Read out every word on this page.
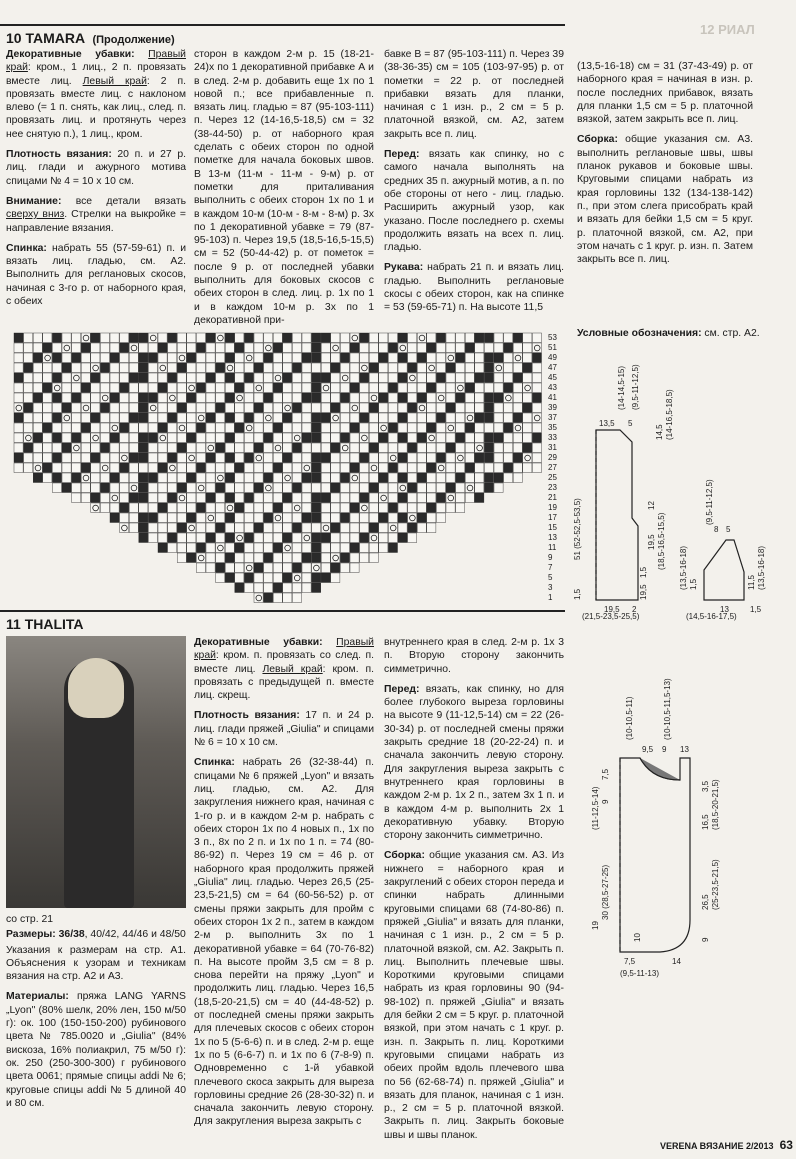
12 РИАЛ
10 TAMARA (Продолжение)

Декоративные убавки: Правый край: кром., 1 лиц., 2 п. провязать вместе лиц. Левый край: 2 п. провязать вместе лиц. с наклоном влево (= 1 п. снять, как лиц., след. п. провязать лиц. и протянуть через нее снятую п.), 1 лиц., кром.

Плотность вязания: 20 п. и 27 р. лиц. глади и ажурного мотива спицами № 4 = 10 х 10 см.

Внимание: все детали вязать сверху вниз. Стрелки на выкройке = направление вязания.

Спинка: набрать 55 (57-59-61) п. и вязать лиц. гладью, см. А2. Выполнить для реглановых скосов, начиная с 3-го р. от наборного края, с обеих

сторон в каждом 2-м р. 15 (18-21-24)х по 1 декоративной прибавке А и в след. 2-м р. добавить еще 1х по 1 новой п.; все прибавленные п. вязать лиц. гладью = 87 (95-103-111) п. Через 12 (14-16,5-18,5) см = 32 (38-44-50) р. от наборного края сделать с обеих сторон по одной пометке для начала боковых швов. В 13-м (11-м - 11-м - 9-м) р. от пометки для приталивания выполнить с обеих сторон 1х по 1 и в каждом 10-м (10-м - 8-м - 8-м) р. 3х по 1 декоративной убавке = 79 (87-95-103) п. Через 19,5 (18,5-16,5-15,5) см = 52 (50-44-42) р. от пометок = после 9 р. от последней убавки выполнить для боковых скосов с обеих сторон в след. лиц. р. 1х по 1 и в каждом 10-м р. 3х по 1 декоративной при-

бавке В = 87 (95-103-111) п. Через 39 (38-36-35) см = 105 (103-97-95) р. от пометки = 22 р. от последней прибавки вязать для планки, начиная с 1 изн. р., 2 см = 5 р. платочной вязкой, см. А2, затем закрыть все п. лиц.

Перед: вязать как спинку, но с самого начала выполнять на средних 35 п. ажурный мотив, а п. по обе стороны от него - лиц. гладью. Расширить ажурный узор, как указано. После последнего р. схемы продолжить вязать на всех п. лиц. гладью.

Рукава: набрать 21 п. и вязать лиц. гладью. Выполнить реглановые скосы с обеих сторон, как на спинке = 53 (59-65-71) п. На высоте 11,5

(13,5-16-18) см = 31 (37-43-49) р. от наборного края = начиная в изн. р. после последних прибавок, вязать для планки 1,5 см = 5 р. платочной вязкой, затем закрыть все п. лиц.

Сборка: общие указания см. А3. выполнить реглановые швы, швы планок рукавов и боковые швы. Круговыми спицами набрать из края горловины 132 (134-138-142) п., при этом слега присобрать край и вязать для бейки 1,5 см = 5 круг. р. платочной вязкой, см. А2, при этом начать с 1 круг. р. изн. п. Затем закрыть все п. лиц.

Условные обозначения: см. стр. А2.
53
51
49
47
45
43
41
39
37
35
33
31
29
27
25
23
21
19
17
15
13
11
9
7
5
3
1
13,5 5
(14-14,5-15) (9,5-11-12,5)
14,5 (14-16,5-18,5)
51 (52-52,5-53,5)	12
19,5 (18,5-16,5-15,5)
1,5
19,5 2
19,5
1,5
5
8
(9,5-11-12,5)
(13,5-16-18) 1,5	11,5 (13,5-16-18)
13	1,5
(21,5-23,5-25,5)	(14,5-16-17,5)
11 THALITA

со стр. 21

Размеры: 36/38, 40/42, 44/46 и 48/50

Указания к размерам на стр. А1. Объяснения к узорам и техникам вязания на стр. А2 и А3.

Материалы: пряжа LANG YARNS „Lyon" (80% шелк, 20% лен, 150 м/50 г): ок. 100 (150-150-200) рубинового цвета № 785.0020 и „Giulia" (84% вискоза, 16% полиакрил, 75 м/50 г): ок. 250 (250-300-300) г рубинового цвета 0061; прямые спицы addi № 6; круговые спицы addi № 5 длиной 40 и 80 см.

Декоративные убавки: Правый край: кром. п. провязать со след. п. вместе лиц. Левый край: кром. п. провязать с предыдущей п. вместе лиц. скрещ.

Плотность вязания: 17 п. и 24 р. лиц. глади пряжей „Giulia" и спицами № 6 = 10 х 10 см.

Спинка: набрать 26 (32-38-44) п. спицами № 6 пряжей „Lyon" и вязать лиц. гладью, см. А2. Для закругления нижнего края, начиная с 1-го р. и в каждом 2-м р. набрать с обеих сторон 1х по 4 новых п., 1х по 3 п., 8х по 2 п. и 1х по 1 п. = 74 (80-86-92) п. Через 19 см = 46 р. от наборного края продолжить пряжей „Giulia" лиц. гладью. Через 26,5 (25-23,5-21,5) см = 64 (60-56-52) р. от смены пряжи закрыть для пройм с обеих сторон 1х 2 п., затем в каждом 2-м р. выполнить 3х по 1 декоративной убавке = 64 (70-76-82) п. На высоте пройм 3,5 см = 8 р. снова перейти на пряжу „Lyon" и продолжить лиц. гладью. Через 16,5 (18,5-20-21,5) см = 40 (44-48-52) р. от последней смены пряжи закрыть для плечевых скосов с обеих сторон 1х по 5 (5-6-6) п. и в след. 2-м р. еще 1х по 5 (6-6-7) п. и 1х по 6 (7-8-9) п. Одновременно с 1-й убавкой плечевого скоса закрыть для выреза горловины средние 26 (28-30-32) п. и сначала закончить левую сторону. Для закругления выреза закрыть с

внутреннего края в след. 2-м р. 1х 3 п. Вторую сторону закончить симметрично.

Перед: вязать, как спинку, но для более глубокого выреза горловины на высоте 9 (11-12,5-14) см = 22 (26-30-34) р. от последней смены пряжи закрыть средние 18 (20-22-24) п. и сначала закончить левую сторону. Для закругления выреза закрыть с внутреннего края горловины в каждом 2-м р. 1х 2 п., затем 3х 1 п. и в каждом 4-м р. выполнить 2х 1 декоративную убавку. Вторую сторону закончить симметрично.

Сборка: общие указания см. А3. Из нижнего = наборного края и закруглений с обеих сторон переда и спинки набрать длинными круговыми спицами 68 (74-80-86) п. пряжей „Giulia" и вязать для планки, начиная с 1 изн. р., 2 см = 5 р. платочной вязкой, см. А2. Закрыть п. лиц. Выполнить плечевые швы. Короткими круговыми спицами набрать из края горловины 90 (94-98-102) п. пряжей „Giulia" и вязать для бейки 2 см = 5 круг. р. платочной вязкой, при этом начать с 1 круг. р. изн. п. Закрыть п. лиц. Короткими круговыми спицами набрать из обеих пройм вдоль плечевого шва по 56 (62-68-74) п. пряжей „Giulia" и вязать для планок, начиная с 1 изн. р., 2 см = 5 р. платочной вязкой. Закрыть п. лиц. Закрыть боковые швы и швы планок.

(10-10,5-11)	(10-10,5-11,5-13)
9,5 9 13
(11-12,5-14) 9
7,5
16,5 (18,5-20-21,5)
3,5
30 (28,5-27-25)
19
26,5 (25-23,5-21,5)
9
10
7,5	14
(9,5-11-13)
VERENA ВЯЗАНИЕ 2/2013 63
